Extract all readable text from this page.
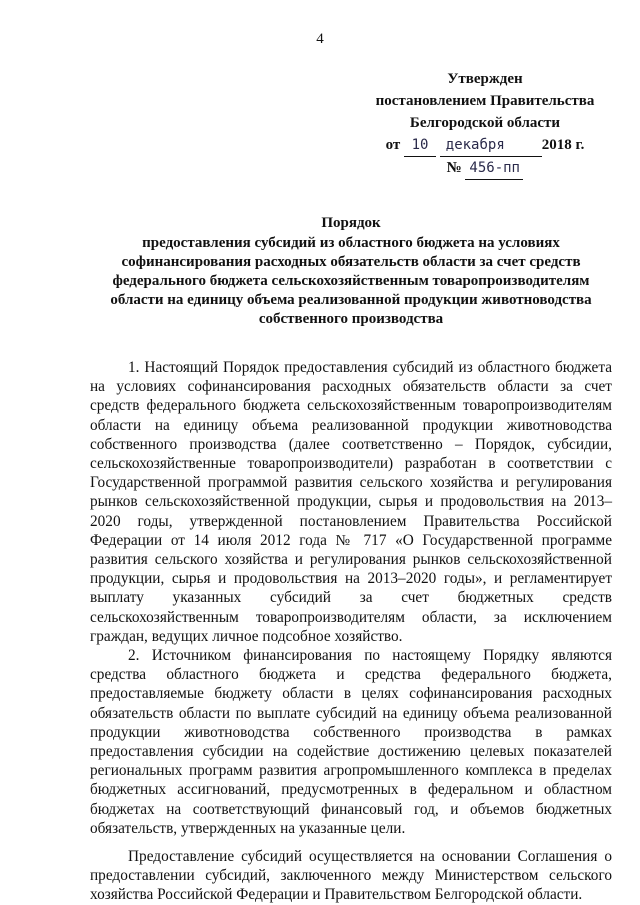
4
Утвержден
постановлением Правительства
Белгородской области
от 10 декабря 2018 г.
№ 456-пп
Порядок
предоставления субсидий из областного бюджета на условиях
софинансирования расходных обязательств области за счет средств
федерального бюджета сельскохозяйственным товаропроизводителям
области на единицу объема реализованной продукции животноводства
собственного производства

1. Настоящий Порядок предоставления субсидий из областного бюджета на условиях софинансирования расходных обязательств области за счет средств федерального бюджета сельскохозяйственным товаропроизводителям области на единицу объема реализованной продукции животноводства собственного производства (далее соответственно – Порядок, субсидии, сельскохозяйственные товаропроизводители) разработан в соответствии с Государственной программой развития сельского хозяйства и регулирования рынков сельскохозяйственной продукции, сырья и продовольствия на 2013–2020 годы, утвержденной постановлением Правительства Российской Федерации от 14 июля 2012 года № 717 «О Государственной программе развития сельского хозяйства и регулирования рынков сельскохозяйственной продукции, сырья и продовольствия на 2013–2020 годы», и регламентирует выплату указанных субсидий за счет бюджетных средств сельскохозяйственным товаропроизводителям области, за исключением граждан, ведущих личное подсобное хозяйство.

2. Источником финансирования по настоящему Порядку являются средства областного бюджета и средства федерального бюджета, предоставляемые бюджету области в целях софинансирования расходных обязательств области по выплате субсидий на единицу объема реализованной продукции животноводства собственного производства в рамках предоставления субсидии на содействие достижению целевых показателей региональных программ развития агропромышленного комплекса в пределах бюджетных ассигнований, предусмотренных в федеральном и областном бюджетах на соответствующий финансовый год, и объемов бюджетных обязательств, утвержденных на указанные цели.

Предоставление субсидий осуществляется на основании Соглашения о предоставлении субсидий, заключенного между Министерством сельского хозяйства Российской Федерации и Правительством Белгородской области.
